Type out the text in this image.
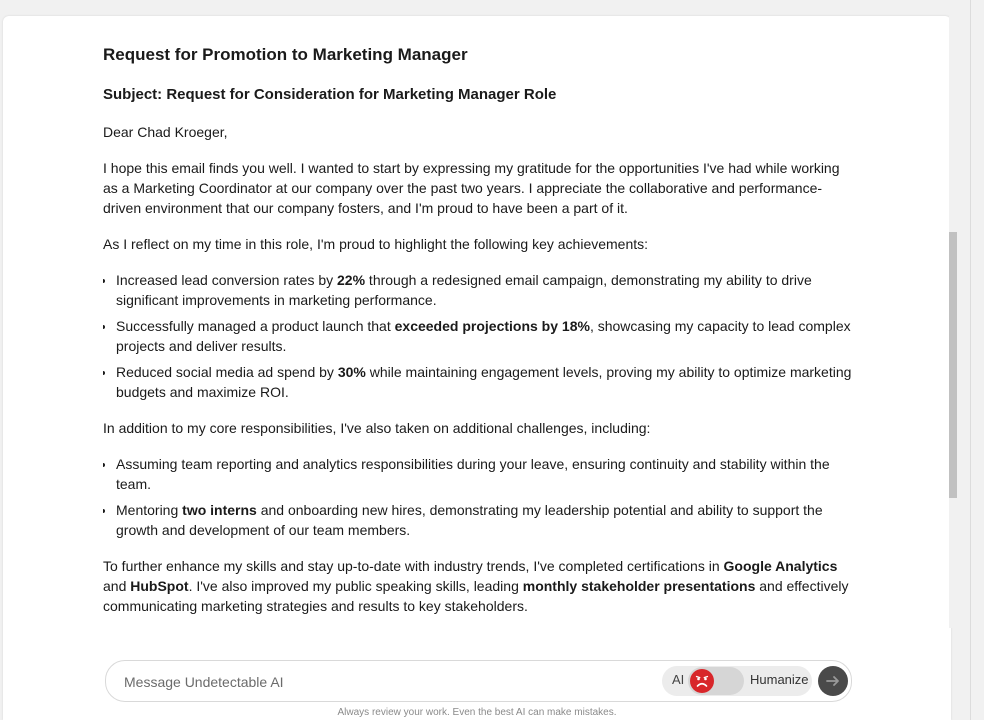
Request for Promotion to Marketing Manager
Subject: Request for Consideration for Marketing Manager Role

Dear Chad Kroeger,

I hope this email finds you well. I wanted to start by expressing my gratitude for the opportunities I've had while working as a Marketing Coordinator at our company over the past two years. I appreciate the collaborative and performance-driven environment that our company fosters, and I'm proud to have been a part of it.

As I reflect on my time in this role, I'm proud to highlight the following key achievements:

• Increased lead conversion rates by 22% through a redesigned email campaign, demonstrating my ability to drive significant improvements in marketing performance.
• Successfully managed a product launch that exceeded projections by 18%, showcasing my capacity to lead complex projects and deliver results.
• Reduced social media ad spend by 30% while maintaining engagement levels, proving my ability to optimize marketing budgets and maximize ROI.

In addition to my core responsibilities, I've also taken on additional challenges, including:

• Assuming team reporting and analytics responsibilities during your leave, ensuring continuity and stability within the team.
• Mentoring two interns and onboarding new hires, demonstrating my leadership potential and ability to support the growth and development of our team members.

To further enhance my skills and stay up-to-date with industry trends, I've completed certifications in Google Analytics and HubSpot. I've also improved my public speaking skills, leading monthly stakeholder presentations and effectively communicating marketing strategies and results to key stakeholders.

Message Undetectable AI
AI	Humanize
Always review your work. Even the best AI can make mistakes.
